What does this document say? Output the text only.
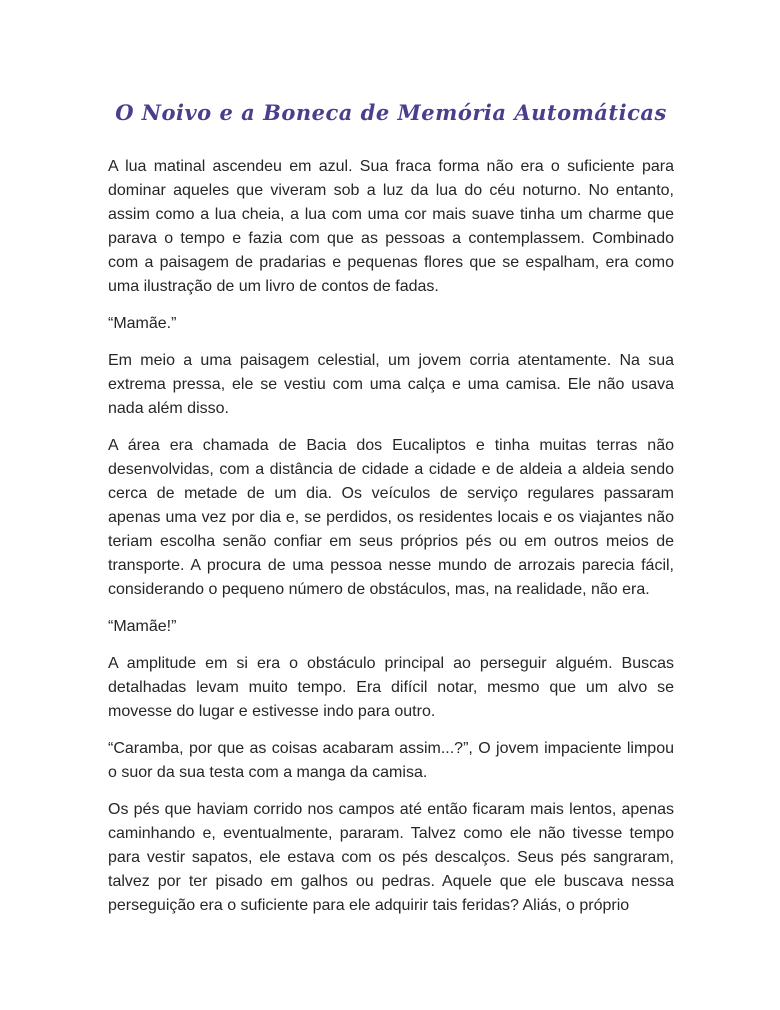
O Noivo e a Boneca de Memória Automáticas

A lua matinal ascendeu em azul. Sua fraca forma não era o suficiente para dominar aqueles que viveram sob a luz da lua do céu noturno. No entanto, assim como a lua cheia, a lua com uma cor mais suave tinha um charme que parava o tempo e fazia com que as pessoas a contemplassem. Combinado com a paisagem de pradarias e pequenas flores que se espalham, era como uma ilustração de um livro de contos de fadas.

“Mamãe.”

Em meio a uma paisagem celestial, um jovem corria atentamente. Na sua extrema pressa, ele se vestiu com uma calça e uma camisa. Ele não usava nada além disso.

A área era chamada de Bacia dos Eucaliptos e tinha muitas terras não desenvolvidas, com a distância de cidade a cidade e de aldeia a aldeia sendo cerca de metade de um dia. Os veículos de serviço regulares passaram apenas uma vez por dia e, se perdidos, os residentes locais e os viajantes não teriam escolha senão confiar em seus próprios pés ou em outros meios de transporte. A procura de uma pessoa nesse mundo de arrozais parecia fácil, considerando o pequeno número de obstáculos, mas, na realidade, não era.

“Mamãe!”

A amplitude em si era o obstáculo principal ao perseguir alguém. Buscas detalhadas levam muito tempo. Era difícil notar, mesmo que um alvo se movesse do lugar e estivesse indo para outro.

“Caramba, por que as coisas acabaram assim...?”, O jovem impaciente limpou o suor da sua testa com a manga da camisa.

Os pés que haviam corrido nos campos até então ficaram mais lentos, apenas caminhando e, eventualmente, pararam. Talvez como ele não tivesse tempo para vestir sapatos, ele estava com os pés descalços. Seus pés sangraram, talvez por ter pisado em galhos ou pedras. Aquele que ele buscava nessa perseguição era o suficiente para ele adquirir tais feridas? Aliás, o próprio
